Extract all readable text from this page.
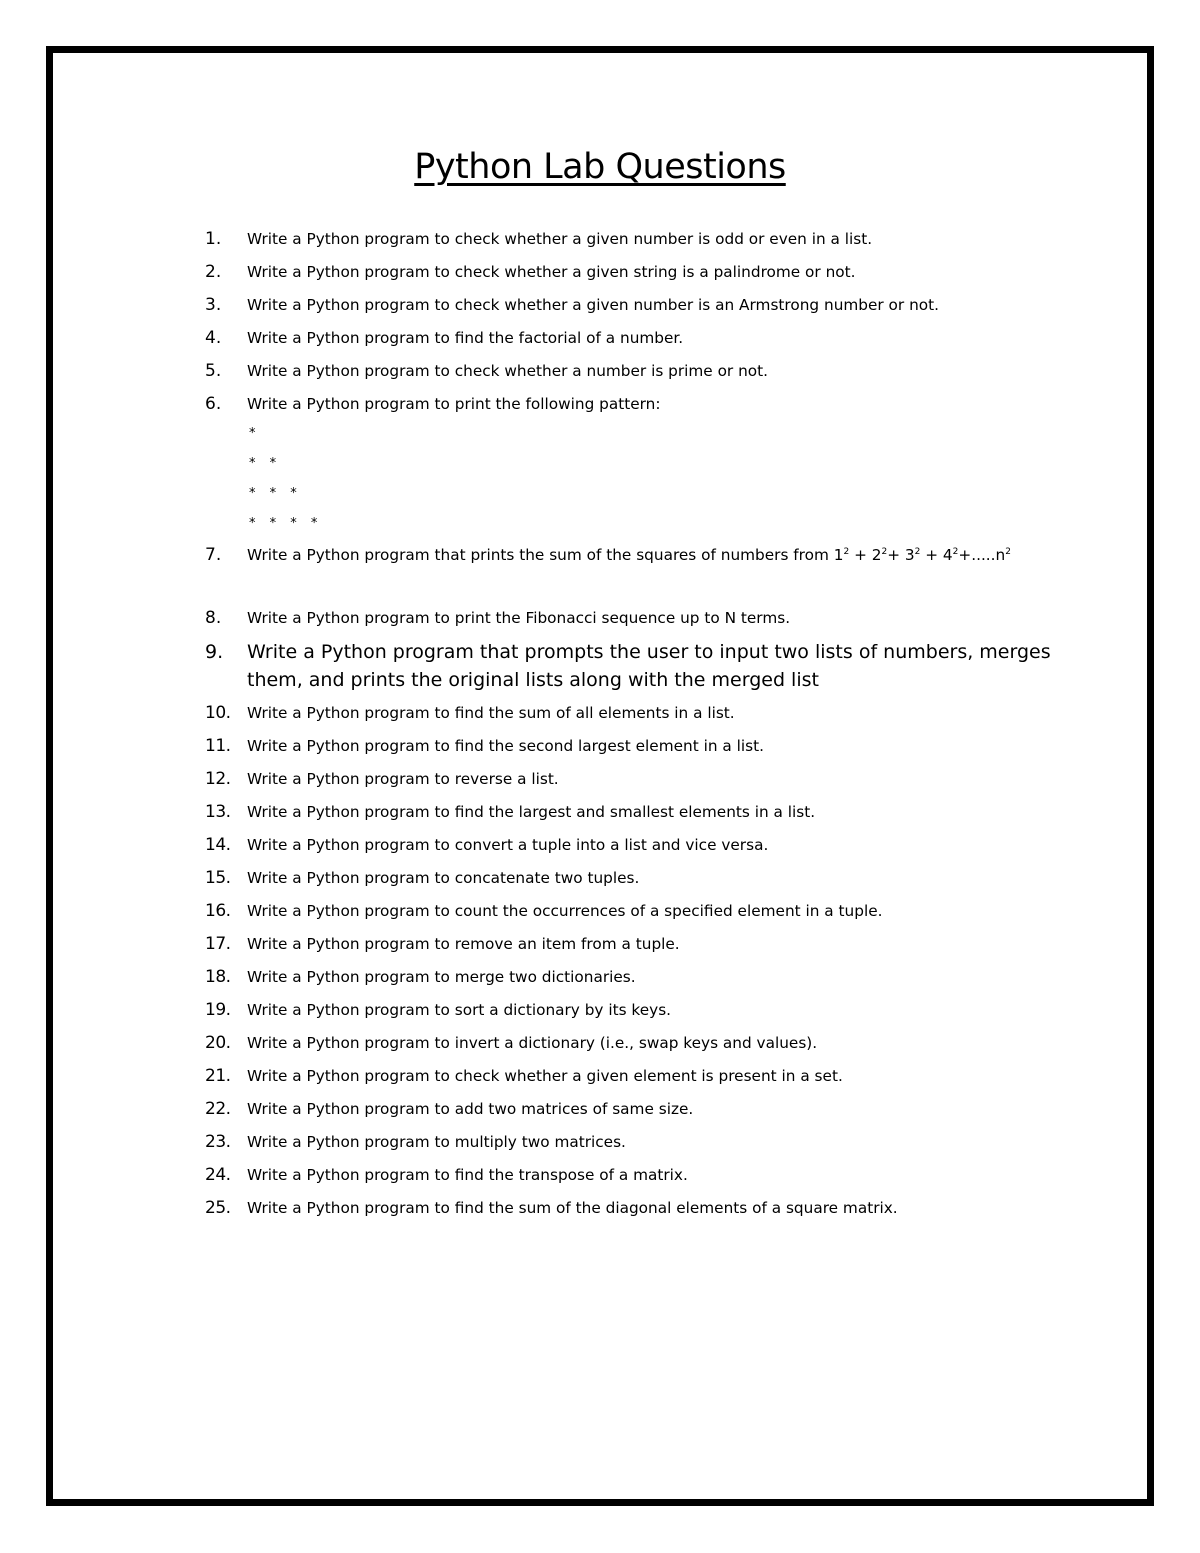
Python Lab Questions
1.	Write a Python program to check whether a given number is odd or even in a list.
2.	Write a Python program to check whether a given string is a palindrome or not.
3.	Write a Python program to check whether a given number is an Armstrong number or not.
4.	Write a Python program to find the factorial of a number.
5.	Write a Python program to check whether a number is prime or not.
6.	Write a Python program to print the following pattern:
*
* *
* * *
* * * *
7.	Write a Python program that prints the sum of the squares of numbers from $1^2 + 2^2+ 3^2 + 4^2+.....n^2$
8.	Write a Python program to print the Fibonacci sequence up to N terms.
9.	Write a Python program that prompts the user to input two lists of numbers, merges them, and prints the original lists along with the merged list
10.	Write a Python program to find the sum of all elements in a list.
11.	Write a Python program to find the second largest element in a list.
12.	Write a Python program to reverse a list.
13.	Write a Python program to find the largest and smallest elements in a list.
14.	Write a Python program to convert a tuple into a list and vice versa.
15.	Write a Python program to concatenate two tuples.
16.	Write a Python program to count the occurrences of a specified element in a tuple.
17.	Write a Python program to remove an item from a tuple.
18.	Write a Python program to merge two dictionaries.
19.	Write a Python program to sort a dictionary by its keys.
20.	Write a Python program to invert a dictionary (i.e., swap keys and values).
21.	Write a Python program to check whether a given element is present in a set.
22.	Write a Python program to add two matrices of same size.
23.	Write a Python program to multiply two matrices.
24.	Write a Python program to find the transpose of a matrix.
25.	Write a Python program to find the sum of the diagonal elements of a square matrix.
